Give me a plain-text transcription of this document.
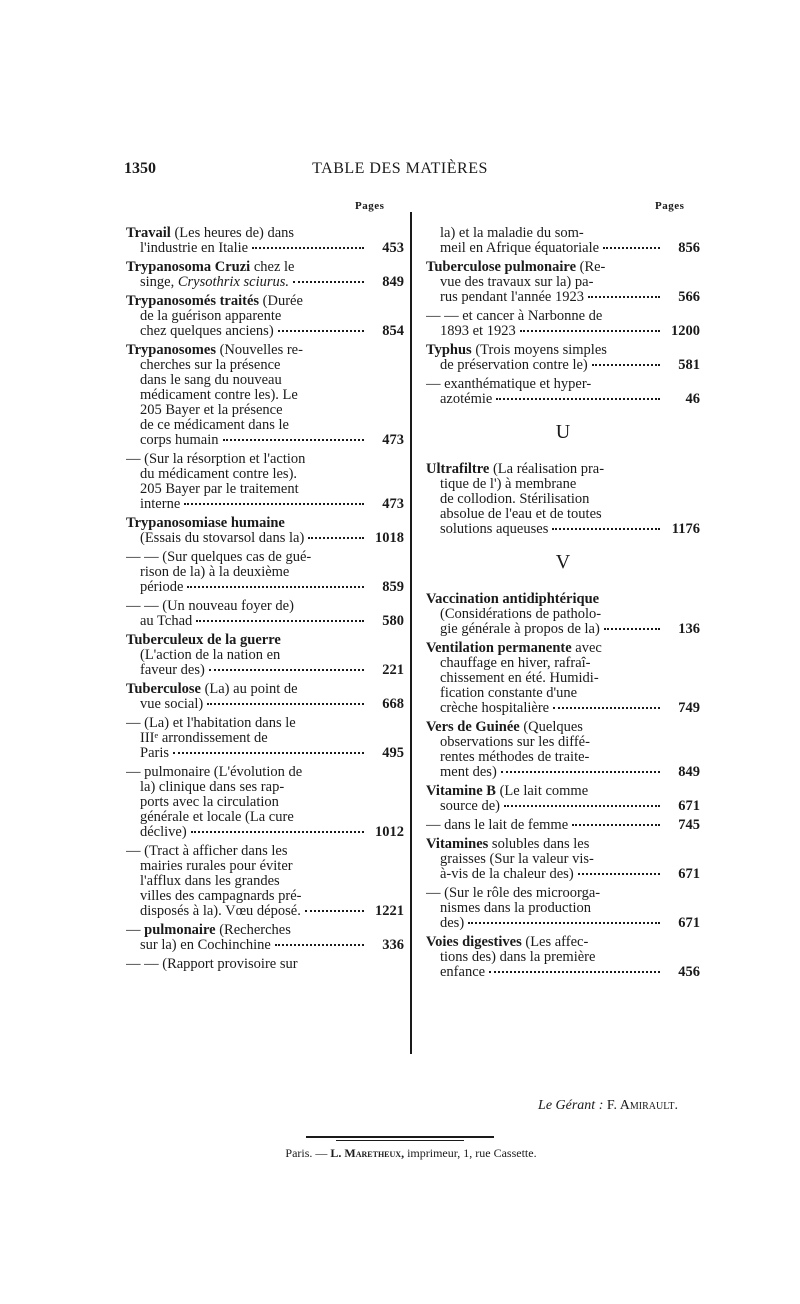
1350	TABLE DES MATIÈRES
Pages	Pages
Travail (Les heures de) dans
l'industrie en Italie	453
Trypanosoma Cruzi chez le
singe, Crysothrix sciurus.	849
Trypanosomés traités (Durée
de la guérison apparente
chez quelques anciens)	854
Trypanosomes (Nouvelles re-
cherches sur la présence
dans le sang du nouveau
médicament contre les). Le
205 Bayer et la présence
de ce médicament dans le
corps humain	473
— (Sur la résorption et l'action
du médicament contre les).
205 Bayer par le traitement
interne	473
Trypanosomiase humaine
(Essais du stovarsol dans la)	1018
— — (Sur quelques cas de gué-
rison de la) à la deuxième
période	859
— — (Un nouveau foyer de)
au Tchad	580
Tuberculeux de la guerre
(L'action de la nation en
faveur des)	221
Tuberculose (La) au point de
vue social)	668
— (La) et l'habitation dans le
IIIᵉ arrondissement de
Paris	495
— pulmonaire (L'évolution de
la) clinique dans ses rap-
ports avec la circulation
générale et locale (La cure
déclive)	1012
— (Tract à afficher dans les
mairies rurales pour éviter
l'afflux dans les grandes
villes des campagnards pré-
disposés à la). Vœu déposé.	1221
— pulmonaire (Recherches
sur la) en Cochinchine	336
— — (Rapport provisoire sur
la) et la maladie du som-
meil en Afrique équatoriale	856
Tuberculose pulmonaire (Re-
vue des travaux sur la) pa-
rus pendant l'année 1923	566
— — et cancer à Narbonne de
1893 et 1923	1200
Typhus (Trois moyens simples
de préservation contre le)	581
— exanthématique et hyper-
azotémie	46
U
Ultrafiltre (La réalisation pra-
tique de l') à membrane
de collodion. Stérilisation
absolue de l'eau et de toutes
solutions aqueuses	1176
V
Vaccination antidiphtérique
(Considérations de patholo-
gie générale à propos de la)	136
Ventilation permanente avec
chauffage en hiver, rafraî-
chissement en été. Humidi-
fication constante d'une
crèche hospitalière	749
Vers de Guinée (Quelques
observations sur les diffé-
rentes méthodes de traite-
ment des)	849
Vitamine B (Le lait comme
source de)	671
— dans le lait de femme	745
Vitamines solubles dans les
graisses (Sur la valeur vis-
à-vis de la chaleur des)	671
— (Sur le rôle des microorga-
nismes dans la production
des)	671
Voies digestives (Les affec-
tions des) dans la première
enfance	456
Le Gérant : F. Amirault.
Paris. — L. Maretheux, imprimeur, 1, rue Cassette.
